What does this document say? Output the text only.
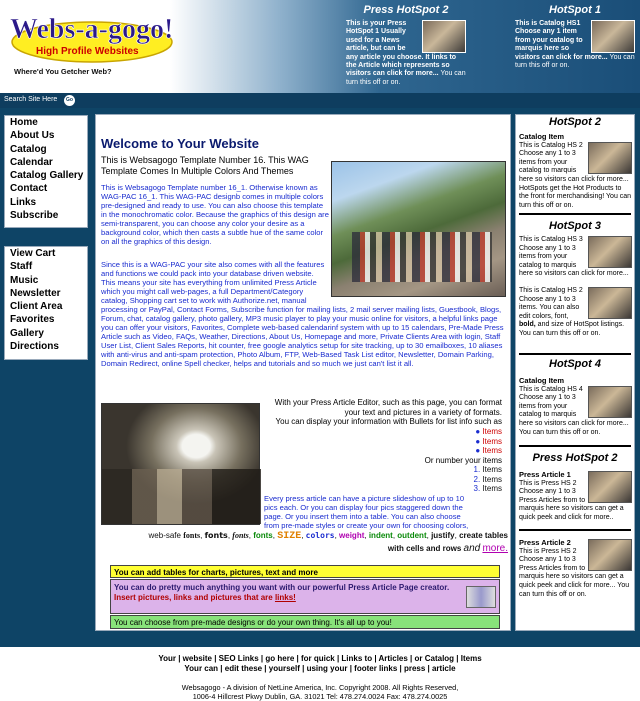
Webs-a-gogo!
High Profile Websites
Where'd You Getcher Web?
Press HotSpot 2
This is your Press HotSpot 1 Usually used for a News article, but can be any article you choose. It links to the Article which represents so visitors can click for more... You can turn this off or on.
HotSpot 1
This is Catalog HS1 Choose any 1 item from your catalog to marquis here so visitors can click for more... You can turn this off or on.
Search Site Here	Go
Home
About Us
Catalog
Calendar
Catalog Gallery
Contact
Links
Subscribe
View Cart
Staff
Music
Newsletter
Client Area
Favorites
Gallery
Directions
Welcome to Your Website
This is Websagogo Template Number 16. This WAG Template Comes In Multiple Colors And Themes
This is Websagogo Template number 16_1. Otherwise known as WAG-PAC 16_1. This WAG-PAC designb comes in multiple colors pre-designed and ready to use. You can also choose this template in the monochromatic color. Because the graphics of this design are semi-transparent, you can choose any color your desire as a background color, which then casts a subtle hue of the same color on all the graphics of this design.
Since this is a WAG-PAC your site also comes with all the features and functions we could pack into your database driven website. This means your site has everything from unlimited Press Article which you might call web-pages, a full Department/Category catalog, Shopping cart set to work with Authorize.net, manual
processing or PayPal, Contact Forms, Subscribe function for mailing lists, 2 mail server mailing lists, Guestbook, Blogs, Forum, chat, catalog gallery, photo gallery, MP3 music player to play your music online for visitors, a helpful links page you can offer your visitors, Favorites, Complete web-based calendarinf system with up to 15 calendars, Pre-Made Press Article such as Video, FAQs, Weather, Directions, About Us, Homepage and more, Private Clients Area with login, Staff User List, Client Sales Reports, hit counter, free google analytics setup for site tracking, up to 30 emailboxes, 10 aliases with anti-virus and anti-spam protection, Photo Album, FTP, Web-Based Task List editor, Newsletter, Domain Parking, Domain Redirect, online Spell checker, helps and tutorials and so much we just can't list it all.
With your Press Article Editor, such as this page, you can format your text and pictures in a variety of formats.
You can display your information with Bullets for list info such as
● Items
● Items
● Items
Or number your items
1. Items
2. Items
3. Items
Every press article can have a picture slideshow of up to 10 pics each. Or you can display four pics staggered down the page. Or you insert them into a table. You can also choose from pre-made styles or create your own for choosing colors,
web-safe fonts, fonts, fonts, fonts, SIZE, colors, weight, indent, outdent, justify, create tables
with cells and rows and more.
You can add tables for charts, pictures, text and more
You can do pretty much anything you want with our powerful Press Article Page creator.
Insert pictures, links and pictures that are links!
You can choose from pre-made designs or do your own thing. It's all up to you!
HotSpot 2
Catalog Item
This is Catalog HS 2 Choose any 1 to 3 items from your catalog to marquis here so visitors can click for more... HotSpots get the Hot Products to the front for merchandising! You can turn this off or on.
HotSpot 3
This is Catalog HS 3 Choose any 1 to 3 items from your catalog to marquis here so visitors can click for more...
This is Catalog HS 2 Choose any 1 to 3 items. You can also edit colors, font, bold, and size of HotSpot listings. You can turn this off or on.
HotSpot 4
Catalog Item
This is Catalog HS 4 Choose any 1 to 3 items from your catalog to marquis here so visitors can click for more... You can turn this off or on.
Press HotSpot 2
Press Article 1
This is Press HS 2 Choose any 1 to 3 Press Articles from to marquis here so visitors can get a quick peek and click for more..
Press Article 2
This is Press HS 2 Choose any 1 to 3 Press Articles from to marquis here so visitors can get a quick peek and click for more... You can turn this off or on.
Your | website | SEO Links | go here | for quick | Links to | Articles | or Catalog | Items
Your can | edit these | yourself | using your | footer links | press | article
Websagogo - A division of NetLine America, Inc. Copyright 2008. All Rights Reserved,
1006-4 Hillcrest Pkwy Dublin, GA. 31021 Tel: 478.274.0024 Fax: 478.274.0025
